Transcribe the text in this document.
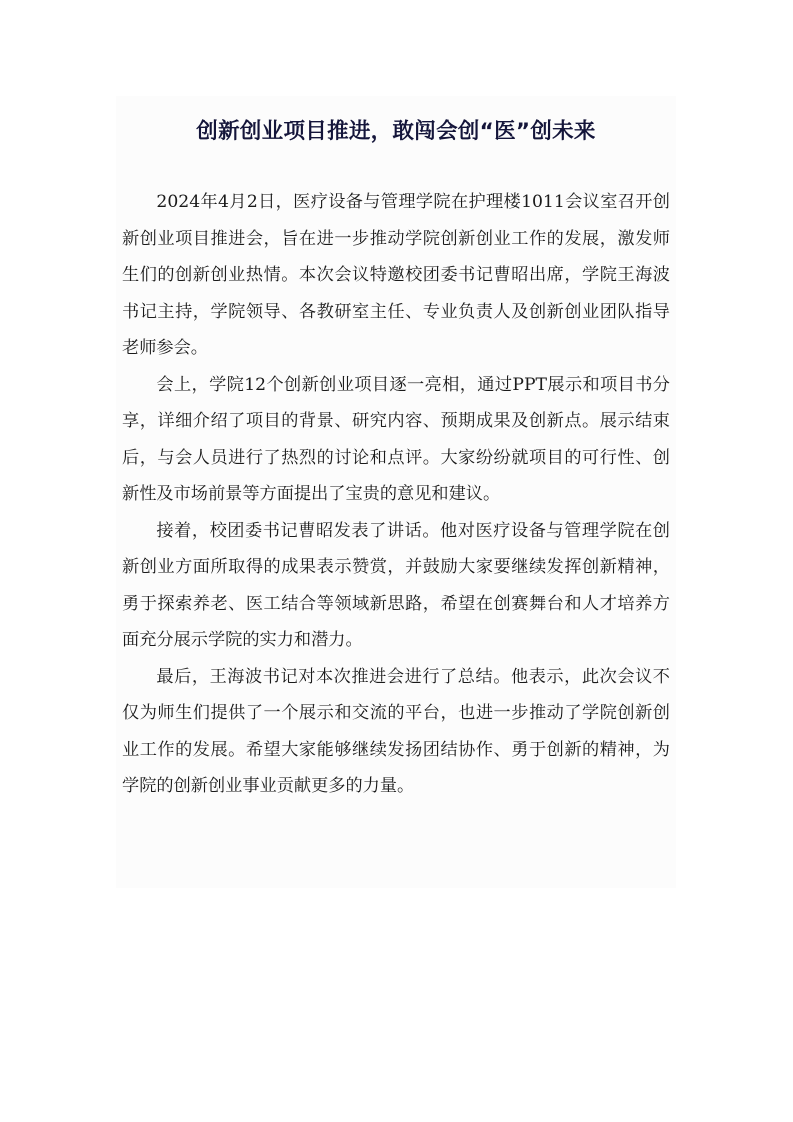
创新创业项目推进，敢闯会创“医”创未来

2024年4月2日，医疗设备与管理学院在护理楼1011会议室召开创新创业项目推进会，旨在进一步推动学院创新创业工作的发展，激发师生们的创新创业热情。本次会议特邀校团委书记曹昭出席，学院王海波书记主持，学院领导、各教研室主任、专业负责人及创新创业团队指导老师参会。

会上，学院12个创新创业项目逐一亮相，通过PPT展示和项目书分享，详细介绍了项目的背景、研究内容、预期成果及创新点。展示结束后，与会人员进行了热烈的讨论和点评。大家纷纷就项目的可行性、创新性及市场前景等方面提出了宝贵的意见和建议。

接着，校团委书记曹昭发表了讲话。他对医疗设备与管理学院在创新创业方面所取得的成果表示赞赏，并鼓励大家要继续发挥创新精神，勇于探索养老、医工结合等领域新思路，希望在创赛舞台和人才培养方面充分展示学院的实力和潜力。

最后，王海波书记对本次推进会进行了总结。他表示，此次会议不仅为师生们提供了一个展示和交流的平台，也进一步推动了学院创新创业工作的发展。希望大家能够继续发扬团结协作、勇于创新的精神，为学院的创新创业事业贡献更多的力量。
